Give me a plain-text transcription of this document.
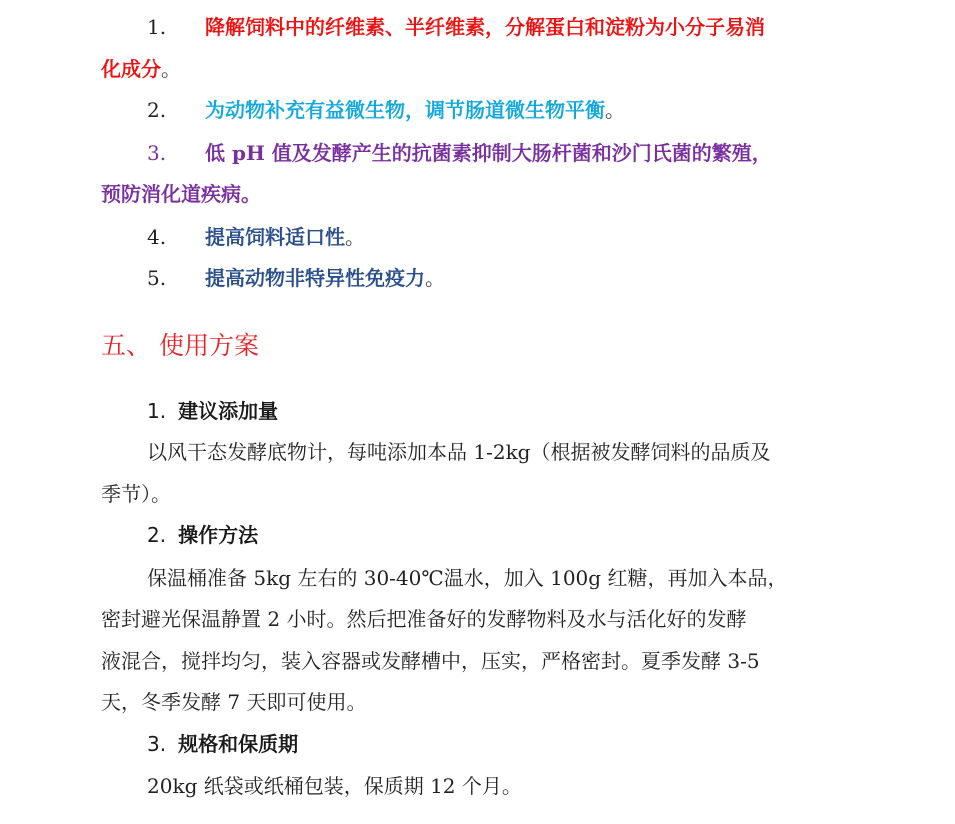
1. 降解饲料中的纤维素、半纤维素，分解蛋白和淀粉为小分子易消
化成分。
2. 为动物补充有益微生物，调节肠道微生物平衡。
3. 低 pH 值及发酵产生的抗菌素抑制大肠杆菌和沙门氏菌的繁殖，
预防消化道疾病。
4. 提高饲料适口性。
5. 提高动物非特异性免疫力。
五、 使用方案
1. 建议添加量
以风干态发酵底物计，每吨添加本品 1-2kg（根据被发酵饲料的品质及
季节）。
2. 操作方法
保温桶准备 5kg 左右的 30-40℃温水，加入 100g 红糖，再加入本品，
密封避光保温静置 2 小时。然后把准备好的发酵物料及水与活化好的发酵
液混合，搅拌均匀，装入容器或发酵槽中，压实，严格密封。夏季发酵 3-5
天，冬季发酵 7 天即可使用。
3. 规格和保质期
20kg 纸袋或纸桶包装，保质期 12 个月。
